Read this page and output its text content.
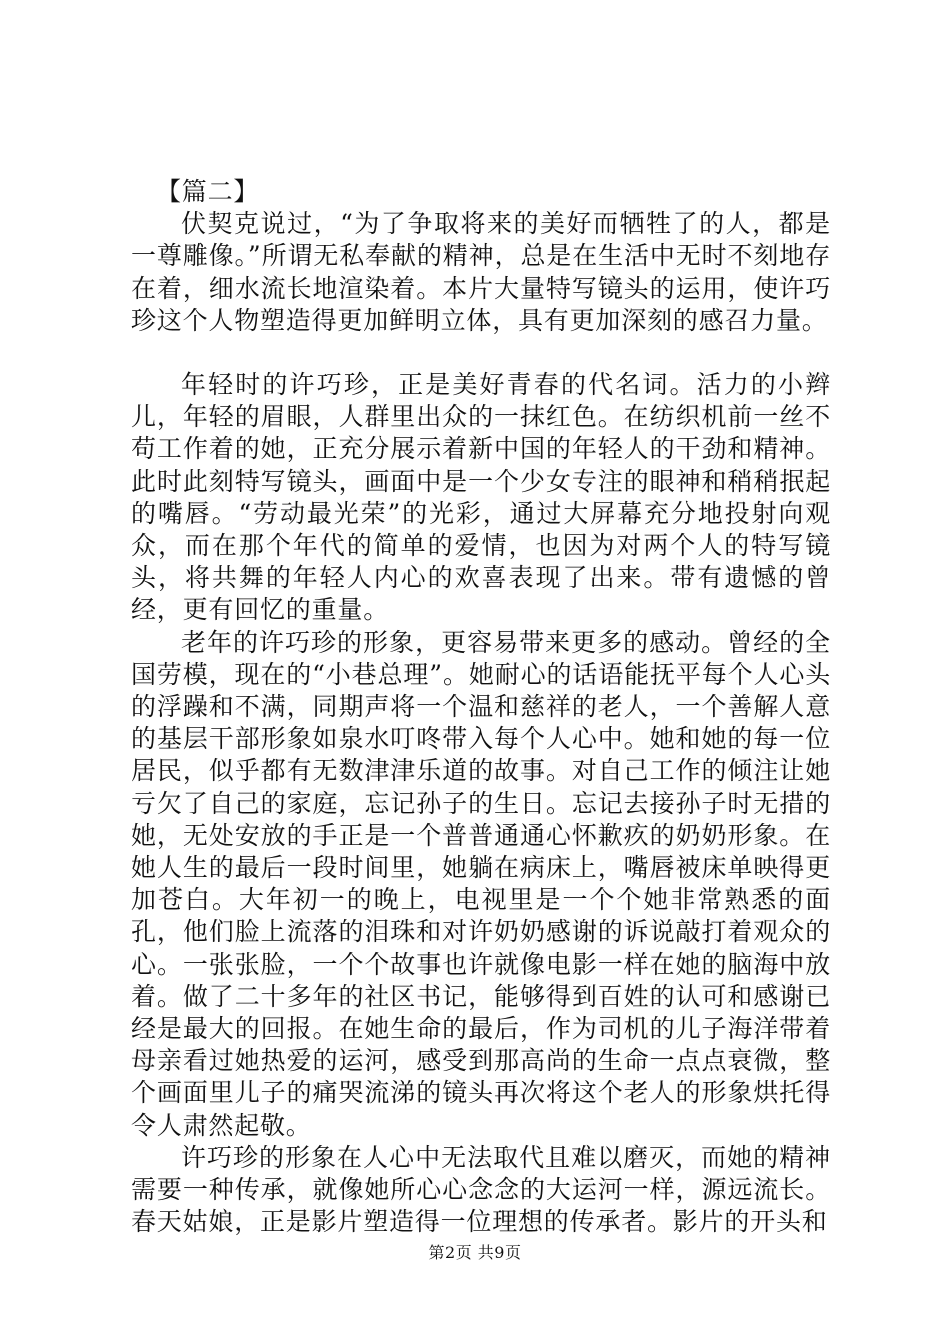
【篇二】

伏契克说过，“为了争取将来的美好而牺牲了的人，都是一尊雕像。”所谓无私奉献的精神，总是在生活中无时不刻地存在着，细水流长地渲染着。本片大量特写镜头的运用，使许巧珍这个人物塑造得更加鲜明立体，具有更加深刻的感召力量。

年轻时的许巧珍，正是美好青春的代名词。活力的小辫儿，年轻的眉眼，人群里出众的一抹红色。在纺织机前一丝不苟工作着的她，正充分展示着新中国的年轻人的干劲和精神。此时此刻特写镜头，画面中是一个少女专注的眼神和稍稍抿起的嘴唇。“劳动最光荣”的光彩，通过大屏幕充分地投射向观众，而在那个年代的简单的爱情，也因为对两个人的特写镜头，将共舞的年轻人内心的欢喜表现了出来。带有遗憾的曾经，更有回忆的重量。

老年的许巧珍的形象，更容易带来更多的感动。曾经的全国劳模，现在的“小巷总理”。她耐心的话语能抚平每个人心头的浮躁和不满，同期声将一个温和慈祥的老人，一个善解人意的基层干部形象如泉水叮咚带入每个人心中。她和她的每一位居民，似乎都有无数津津乐道的故事。对自己工作的倾注让她亏欠了自己的家庭，忘记孙子的生日。忘记去接孙子时无措的她，无处安放的手正是一个普普通通心怀歉疚的奶奶形象。在她人生的最后一段时间里，她躺在病床上，嘴唇被床单映得更加苍白。大年初一的晚上，电视里是一个个她非常熟悉的面孔，他们脸上流落的泪珠和对许奶奶感谢的诉说敲打着观众的心。一张张脸，一个个故事也许就像电影一样在她的脑海中放着。做了二十多年的社区书记，能够得到百姓的认可和感谢已经是最大的回报。在她生命的最后，作为司机的儿子海洋带着母亲看过她热爱的运河，感受到那高尚的生命一点点衰微，整个画面里儿子的痛哭流涕的镜头再次将这个老人的形象烘托得令人肃然起敬。

许巧珍的形象在人心中无法取代且难以磨灭，而她的精神需要一种传承，就像她所心心念念的大运河一样，源远流长。春天姑娘，正是影片塑造得一位理想的传承者。影片的开头和

第2页 共9页
